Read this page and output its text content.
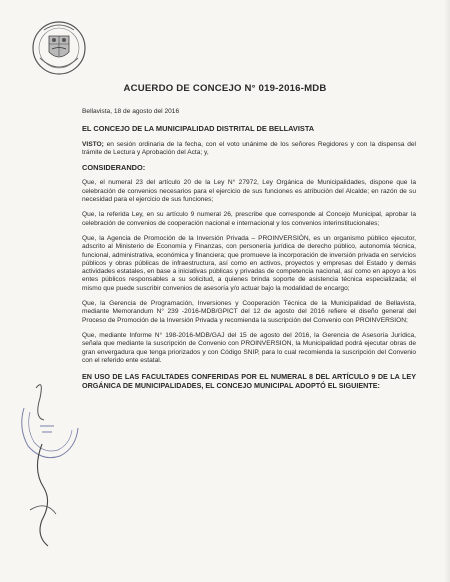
ACUERDO DE CONCEJO N° 019-2016-MDB

Bellavista, 18 de agosto del 2016

EL CONCEJO DE LA MUNICIPALIDAD DISTRITAL DE BELLAVISTA

VISTO; en sesión ordinaria de la fecha, con el voto unánime de los señores Regidores y con la dispensa del trámite de Lectura y Aprobación del Acta; y,

CONSIDERANDO:

Que, el numeral 23 del artículo 20 de la Ley N° 27972, Ley Orgánica de Municipalidades, dispone que la celebración de convenios necesarios para el ejercicio de sus funciones es atribución del Alcalde; en razón de su necesidad para el ejercicio de sus funciones;

Que, la referida Ley, en su artículo 9 numeral 26, prescribe que corresponde al Concejo Municipal, aprobar la celebración de convenios de cooperación nacional e internacional y los convenios interinstitucionales;

Que, la Agencia de Promoción de la Inversión Privada – PROINVERSIÓN, es un organismo público ejecutor, adscrito al Ministerio de Economía y Finanzas, con personería jurídica de derecho público, autonomía técnica, funcional, administrativa, económica y financiera; que promueve la incorporación de inversión privada en servicios públicos y obras públicas de infraestructura, así como en activos, proyectos y empresas del Estado y demás actividades estatales, en base a iniciativas públicas y privadas de competencia nacional, así como en apoyo a los entes públicos responsables a su solicitud, a quienes brinda soporte de asistencia técnica especializada; el mismo que puede suscribir convenios de asesoría y/o actuar bajo la modalidad de encargo;

Que, la Gerencia de Programación, Inversiones y Cooperación Técnica de la Municipalidad de Bellavista, mediante Memorandum N° 239 -2016-MDB/GPICT del 12 de agosto del 2016 refiere el diseño general del Proceso de Promoción de la Inversión Privada y recomienda la suscripción del Convenio con PROINVERSION;

Que, mediante Informe N° 198-2016-MDB/GAJ del 15 de agosto del 2016, la Gerencia de Asesoría Jurídica, señala que mediante la suscripción de Convenio con PROINVERSION, la Municipalidad podrá ejecutar obras de gran envergadura que tenga priorizados y con Código SNIP, para lo cual recomienda la suscripción del Convenio con el referido ente estatal.

EN USO DE LAS FACULTADES CONFERIDAS POR EL NUMERAL 8 DEL ARTÍCULO 9 DE LA LEY ORGÁNICA DE MUNICIPALIDADES, EL CONCEJO MUNICIPAL ADOPTÓ EL SIGUIENTE:
